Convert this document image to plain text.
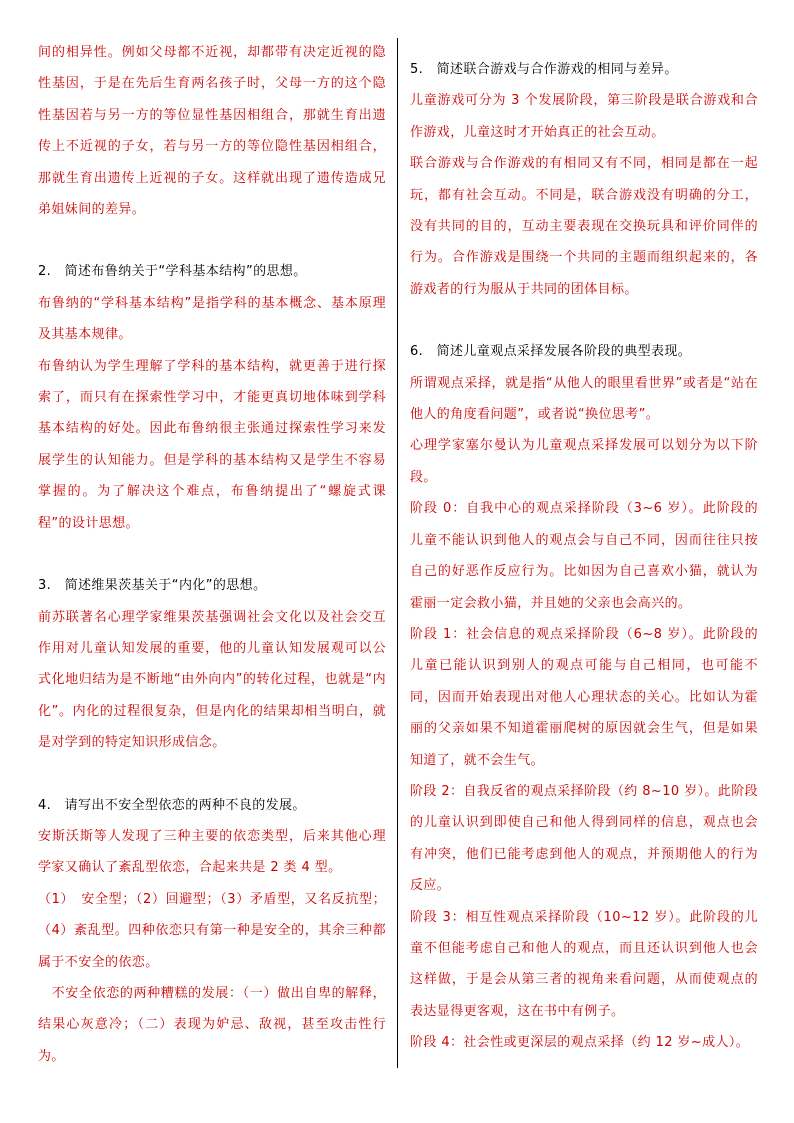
间的相异性。例如父母都不近视，却都带有决定近视的隐性基因，于是在先后生育两名孩子时，父母一方的这个隐性基因若与另一方的等位显性基因相组合，那就生育出遗传上不近视的子女，若与另一方的等位隐性基因相组合，那就生育出遗传上近视的子女。这样就出现了遗传造成兄弟姐妹间的差异。

2.　简述布鲁纳关于“学科基本结构”的思想。

布鲁纳的“学科基本结构”是指学科的基本概念、基本原理及其基本规律。

布鲁纳认为学生理解了学科的基本结构，就更善于进行探索了，而只有在探索性学习中，才能更真切地体味到学科基本结构的好处。因此布鲁纳很主张通过探索性学习来发展学生的认知能力。但是学科的基本结构又是学生不容易掌握的。为了解决这个难点，布鲁纳提出了“螺旋式课程”的设计思想。

3.　简述维果茨基关于“内化”的思想。

前苏联著名心理学家维果茨基强调社会文化以及社会交互作用对儿童认知发展的重要，他的儿童认知发展观可以公式化地归结为是不断地“由外向内”的转化过程，也就是“内化”。内化的过程很复杂，但是内化的结果却相当明白，就是对学到的特定知识形成信念。

4.　请写出不安全型依恋的两种不良的发展。

安斯沃斯等人发现了三种主要的依恋类型，后来其他心理学家又确认了紊乱型依恋，合起来共是 2 类 4 型。

（1）　安全型；（2）回避型；（3）矛盾型，又名反抗型；（4）紊乱型。四种依恋只有第一种是安全的，其余三种都属于不安全的依恋。

　不安全依恋的两种糟糕的发展：（一）做出自卑的解释，结果心灰意冷；（二）表现为妒忌、敌视，甚至攻击性行为。

5.　简述联合游戏与合作游戏的相同与差异。

儿童游戏可分为 3 个发展阶段，第三阶段是联合游戏和合作游戏，儿童这时才开始真正的社会互动。

联合游戏与合作游戏的有相同又有不同，相同是都在一起玩，都有社会互动。不同是，联合游戏没有明确的分工，没有共同的目的，互动主要表现在交换玩具和评价同伴的行为。合作游戏是围绕一个共同的主题而组织起来的，各游戏者的行为服从于共同的团体目标。

6.　简述儿童观点采择发展各阶段的典型表现。

所谓观点采择，就是指“从他人的眼里看世界”或者是“站在他人的角度看问题”，或者说“换位思考”。

心理学家塞尔曼认为儿童观点采择发展可以划分为以下阶段。

阶段 0：自我中心的观点采择阶段（3~6 岁）。此阶段的儿童不能认识到他人的观点会与自己不同，因而往往只按自己的好恶作反应行为。比如因为自己喜欢小猫，就认为霍丽一定会救小猫，并且她的父亲也会高兴的。

阶段 1：社会信息的观点采择阶段（6~8 岁）。此阶段的儿童已能认识到别人的观点可能与自己相同，也可能不同，因而开始表现出对他人心理状态的关心。比如认为霍丽的父亲如果不知道霍丽爬树的原因就会生气，但是如果知道了，就不会生气。

阶段 2：自我反省的观点采择阶段（约 8~10 岁）。此阶段的儿童认识到即使自己和他人得到同样的信息，观点也会有冲突，他们已能考虑到他人的观点，并预期他人的行为反应。

阶段 3：相互性观点采择阶段（10~12 岁）。此阶段的儿童不但能考虑自己和他人的观点，而且还认识到他人也会这样做，于是会从第三者的视角来看问题，从而使观点的表达显得更客观，这在书中有例子。

阶段 4：社会性或更深层的观点采择（约 12 岁~成人）。
